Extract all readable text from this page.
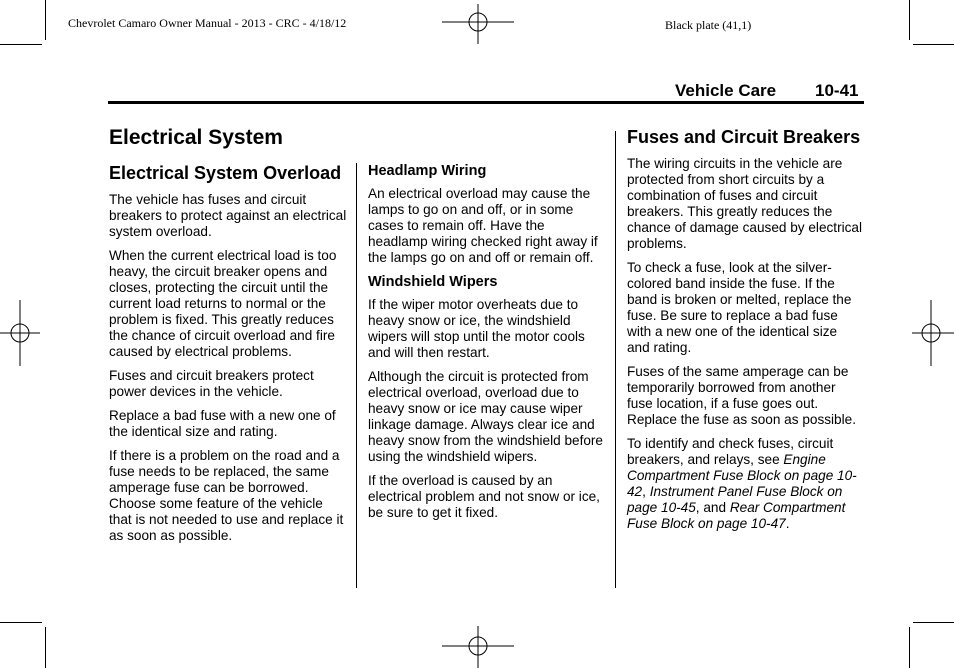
Chevrolet Camaro Owner Manual - 2013 - CRC - 4/18/12	Black plate (41,1)
Vehicle Care 10-41
Electrical System
Electrical System Overload

The vehicle has fuses and circuit breakers to protect against an electrical system overload.

When the current electrical load is too heavy, the circuit breaker opens and closes, protecting the circuit until the current load returns to normal or the problem is fixed. This greatly reduces the chance of circuit overload and fire caused by electrical problems.

Fuses and circuit breakers protect power devices in the vehicle.

Replace a bad fuse with a new one of the identical size and rating.

If there is a problem on the road and a fuse needs to be replaced, the same amperage fuse can be borrowed. Choose some feature of the vehicle that is not needed to use and replace it as soon as possible.

Headlamp Wiring

An electrical overload may cause the lamps to go on and off, or in some cases to remain off. Have the headlamp wiring checked right away if the lamps go on and off or remain off.

Windshield Wipers

If the wiper motor overheats due to heavy snow or ice, the windshield wipers will stop until the motor cools and will then restart.

Although the circuit is protected from electrical overload, overload due to heavy snow or ice may cause wiper linkage damage. Always clear ice and heavy snow from the windshield before using the windshield wipers.

If the overload is caused by an electrical problem and not snow or ice, be sure to get it fixed.

Fuses and Circuit Breakers

The wiring circuits in the vehicle are protected from short circuits by a combination of fuses and circuit breakers. This greatly reduces the chance of damage caused by electrical problems.

To check a fuse, look at the silver-colored band inside the fuse. If the band is broken or melted, replace the fuse. Be sure to replace a bad fuse with a new one of the identical size and rating.

Fuses of the same amperage can be temporarily borrowed from another fuse location, if a fuse goes out. Replace the fuse as soon as possible.

To identify and check fuses, circuit breakers, and relays, see Engine Compartment Fuse Block on page 10-42, Instrument Panel Fuse Block on page 10-45, and Rear Compartment Fuse Block on page 10-47.
